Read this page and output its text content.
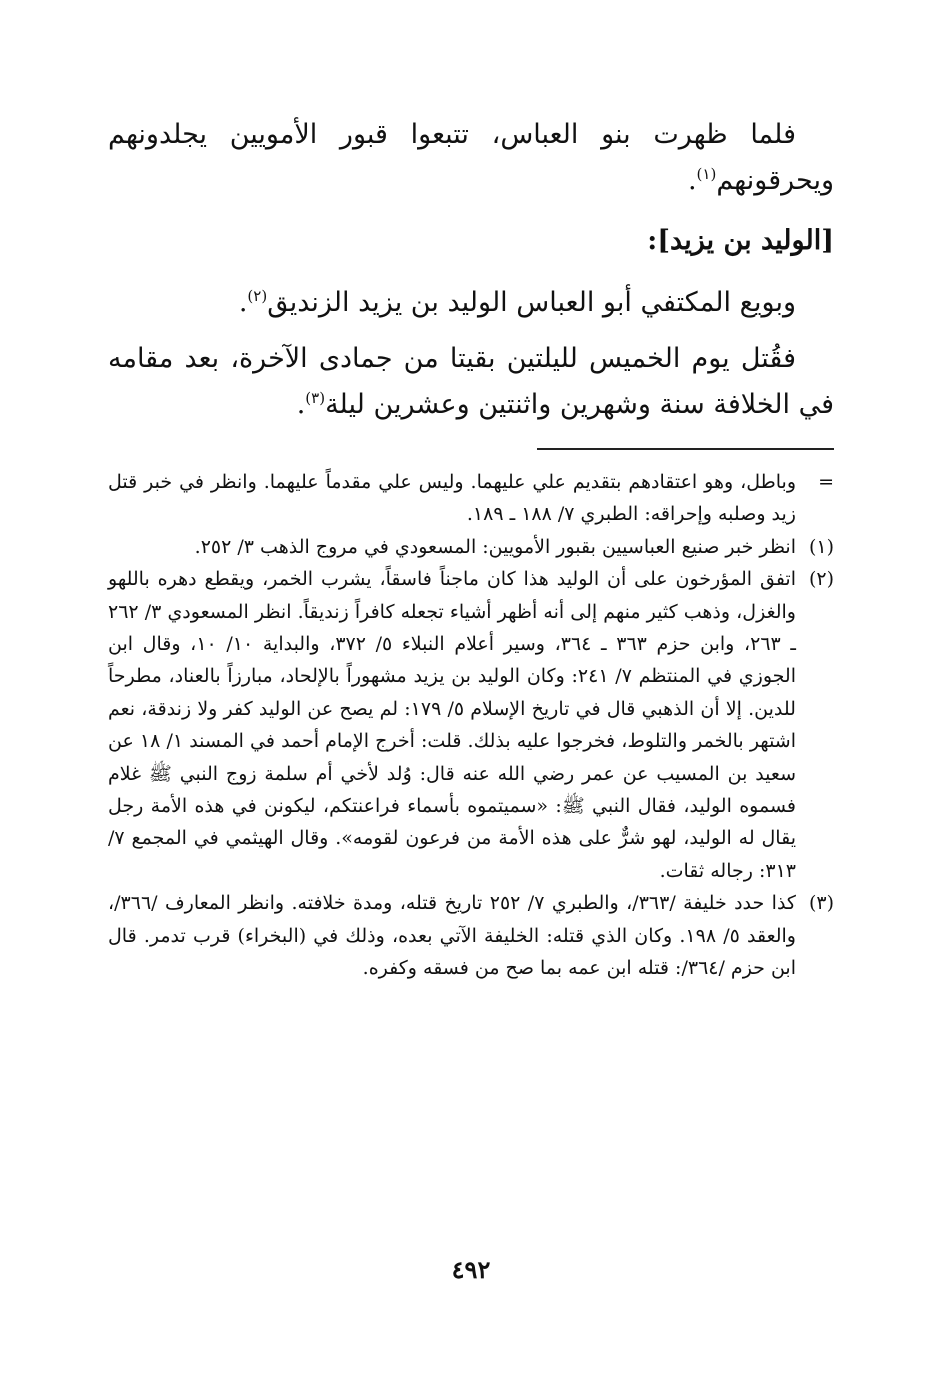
فلما ظهرت بنو العباس، تتبعوا قبور الأمويين يجلدونهم ويحرقونهم$^{(١)}$.

[الوليد بن يزيد]:

وبويع المكتفي أبو العباس الوليد بن يزيد الزنديق$^{(٢)}$.

فقُتل يوم الخميس لليلتين بقيتا من جمادى الآخرة، بعد مقامه في الخلافة سنة وشهرين واثنتين وعشرين ليلة$^{(٣)}$.

=
وباطل، وهو اعتقادهم بتقديم علي عليهما. وليس علي مقدماً عليهما. وانظر في خبر قتل زيد وصلبه وإحراقه: الطبري ٧/ ١٨٨ ـ ١٨٩.
(١)
انظر خبر صنيع العباسيين بقبور الأمويين: المسعودي في مروج الذهب ٣/ ٢٥٢.
(٢)
اتفق المؤرخون على أن الوليد هذا كان ماجناً فاسقاً، يشرب الخمر، ويقطع دهره باللهو والغزل، وذهب كثير منهم إلى أنه أظهر أشياء تجعله كافراً زنديقاً. انظر المسعودي ٣/ ٢٦٢ ـ ٢٦٣، وابن حزم ٣٦٣ ـ ٣٦٤، وسير أعلام النبلاء ٥/ ٣٧٢، والبداية ١٠/ ١٠، وقال ابن الجوزي في المنتظم ٧/ ٢٤١: وكان الوليد بن يزيد مشهوراً بالإلحاد، مبارزاً بالعناد، مطرحاً للدين. إلا أن الذهبي قال في تاريخ الإسلام ٥/ ١٧٩: لم يصح عن الوليد كفر ولا زندقة، نعم اشتهر بالخمر والتلوط، فخرجوا عليه بذلك. قلت: أخرج الإمام أحمد في المسند ١/ ١٨ عن سعيد بن المسيب عن عمر رضي الله عنه قال: وُلد لأخي أم سلمة زوج النبي ﷺ غلام فسموه الوليد، فقال النبي ﷺ: «سميتموه بأسماء فراعنتكم، ليكونن في هذه الأمة رجل يقال له الوليد، لهو شرٌّ على هذه الأمة من فرعون لقومه». وقال الهيثمي في المجمع ٧/ ٣١٣: رجاله ثقات.
(٣)
كذا حدد خليفة /٣٦٣/، والطبري ٧/ ٢٥٢ تاريخ قتله، ومدة خلافته. وانظر المعارف /٣٦٦/، والعقد ٥/ ١٩٨. وكان الذي قتله: الخليفة الآتي بعده، وذلك في (البخراء) قرب تدمر. قال ابن حزم /٣٦٤/: قتله ابن عمه بما صح من فسقه وكفره.
٤٩٢
